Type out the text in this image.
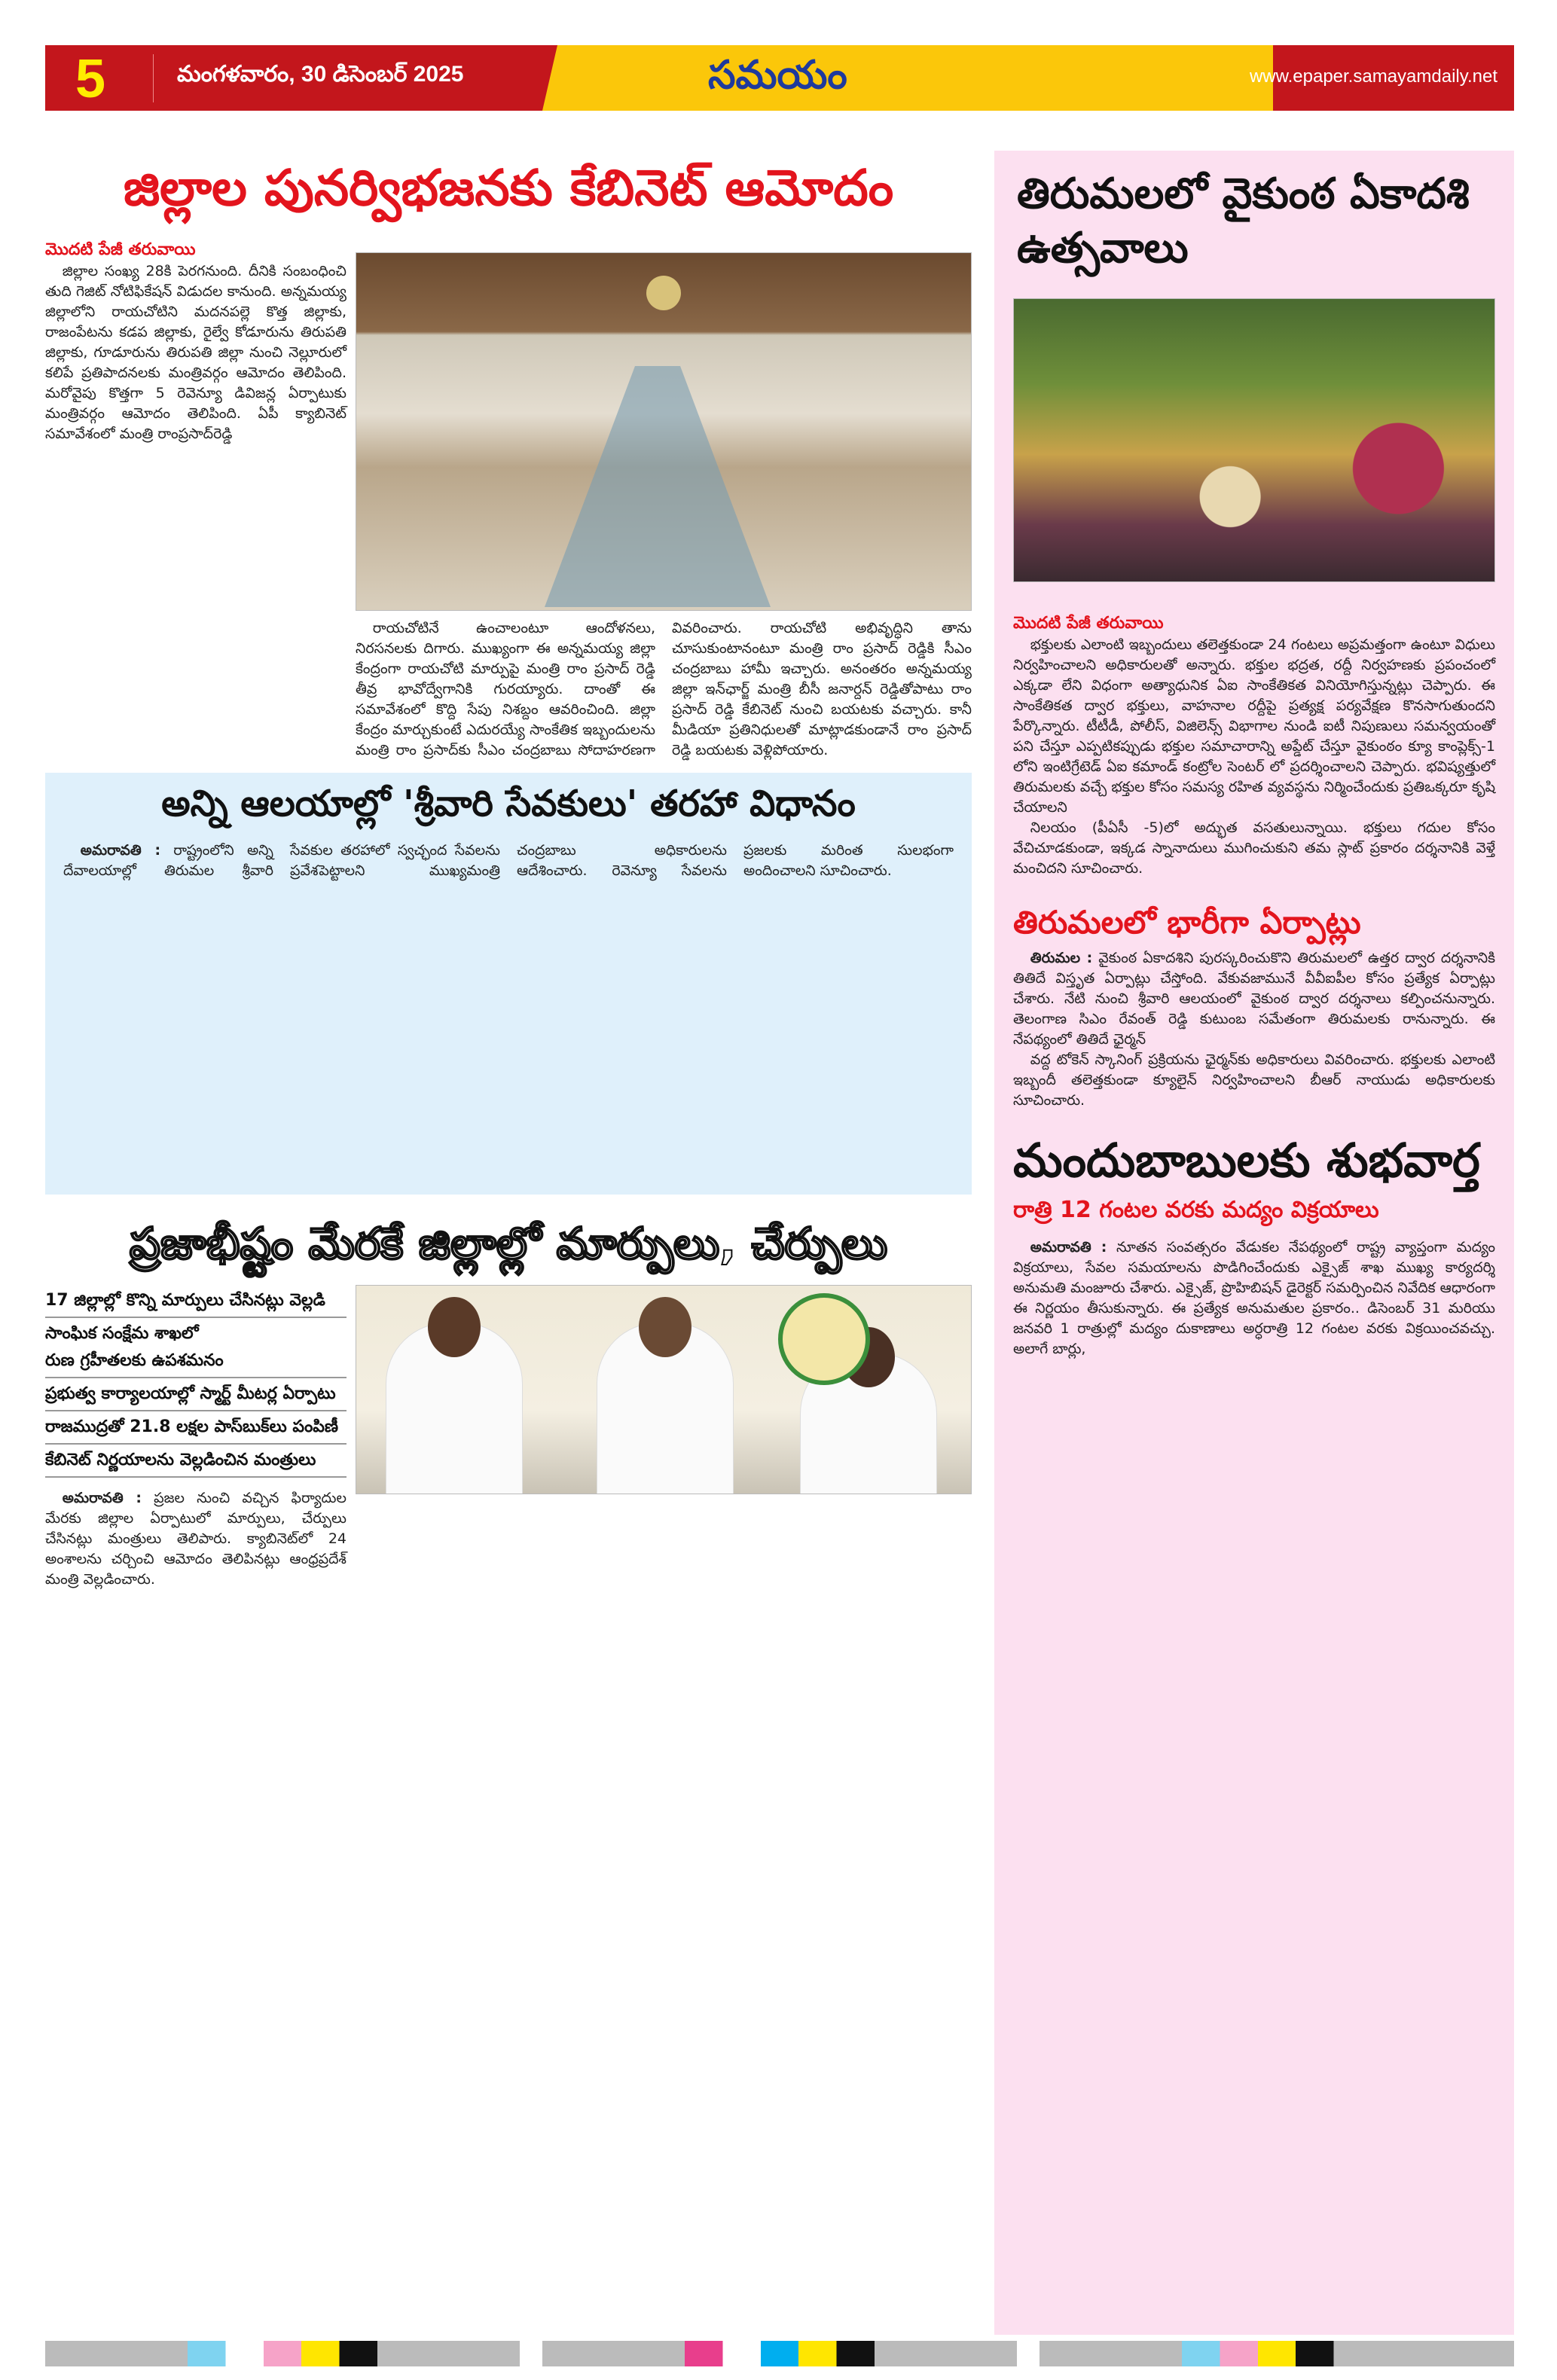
5	మంగళవారం, 30 డిసెంబర్ 2025	సమయం	www.epaper.samayamdaily.net
జిల్లాల పునర్విభజనకు కేబినెట్ ఆమోదం
మొదటి పేజీ తరువాయి

జిల్లాల సంఖ్య 28కి పెరగనుంది. దీనికి సంబంధించి తుది గెజిట్ నోటిఫికేషన్ విడుదల కానుంది. అన్నమయ్య జిల్లాలోని రాయచోటిని మదనపల్లె కొత్త జిల్లాకు, రాజంపేటను కడప జిల్లాకు, రైల్వే కోడూరును తిరుపతి జిల్లాకు, గూడూరును తిరుపతి జిల్లా నుంచి నెల్లూరులో కలిపే ప్రతిపాదనలకు మంత్రివర్గం ఆమోదం తెలిపింది. మరోవైపు కొత్తగా 5 రెవెన్యూ డివిజన్ల ఏర్పాటుకు మంత్రివర్గం ఆమోదం తెలిపింది. ఏపీ క్యాబినెట్ సమావేశంలో మంత్రి రాంప్రసాద్‌రెడ్డి

రాయచోటినే ఉంచాలంటూ ఆందోళనలు, నిరసనలకు దిగారు. ముఖ్యంగా ఈ అన్నమయ్య జిల్లా కేంద్రంగా రాయచోటి మార్పుపై మంత్రి రాం ప్రసాద్ రెడ్డి తీవ్ర భావోద్వేగానికి గురయ్యారు. దాంతో ఈ సమావేశంలో కొద్ది సేపు నిశబ్దం ఆవరించింది. జిల్లా కేంద్రం మార్చుకుంటే ఎదురయ్యే సాంకేతిక ఇబ్బందులను మంత్రి రాం ప్రసాద్‌కు సీఎం చంద్రబాబు సోదాహరణగా వివరించారు. రాయచోటి అభివృద్ధిని తాను చూసుకుంటానంటూ మంత్రి రాం ప్రసాద్ రెడ్డికి సీఎం చంద్రబాబు హామీ ఇచ్చారు. అనంతరం అన్నమయ్య జిల్లా ఇన్‌ఛార్జ్ మంత్రి బీసీ జనార్దన్ రెడ్డితోపాటు రాం ప్రసాద్ రెడ్డి కేబినెట్ నుంచి బయటకు వచ్చారు. కానీ మీడియా ప్రతినిధులతో మాట్లాడకుండానే రాం ప్రసాద్ రెడ్డి బయటకు వెళ్లిపోయారు.

అన్ని ఆలయాల్లో 'శ్రీవారి సేవకులు' తరహా విధానం

అమరావతి : రాష్ట్రంలోని అన్ని దేవాలయాల్లో తిరుమల శ్రీవారి సేవకుల తరహాలో స్వచ్ఛంద సేవలను ప్రవేశపెట్టాలని ముఖ్యమంత్రి చంద్రబాబు అధికారులను ఆదేశించారు. రెవెన్యూ సేవలను ప్రజలకు మరింత సులభంగా అందించాలని సూచించారు.

ప్రజాభీష్టం మేరకే జిల్లాల్లో మార్పులు, చేర్పులు
17 జిల్లాల్లో కొన్ని మార్పులు చేసినట్లు వెల్లడి
సాంఘిక సంక్షేమ శాఖలో
రుణ గ్రహీతలకు ఉపశమనం
ప్రభుత్వ కార్యాలయాల్లో స్మార్ట్ మీటర్ల ఏర్పాటు
రాజముద్రతో 21.8 లక్షల పాస్‌బుక్‌లు పంపిణీ
కేబినెట్ నిర్ణయాలను వెల్లడించిన మంత్రులు

అమరావతి : ప్రజల నుంచి వచ్చిన ఫిర్యాదుల మేరకు జిల్లాల ఏర్పాటులో మార్పులు, చేర్పులు చేసినట్లు మంత్రులు తెలిపారు. క్యాబినెట్‌లో 24 అంశాలను చర్చించి ఆమోదం తెలిపినట్లు ఆంధ్రప్రదేశ్ మంత్రి వెల్లడించారు.

తిరుమలలో వైకుంఠ ఏకాదశి ఉత్సవాలు
మొదటి పేజీ తరువాయి

భక్తులకు ఎలాంటి ఇబ్బందులు తలెత్తకుండా 24 గంటలు అప్రమత్తంగా ఉంటూ విధులు నిర్వహించాలని అధికారులతో అన్నారు. భక్తుల భద్రత, రద్దీ నిర్వహణకు ప్రపంచంలో ఎక్కడా లేని విధంగా అత్యాధునిక ఏఐ సాంకేతికత వినియోగిస్తున్నట్లు చెప్పారు. ఈ సాంకేతికత ద్వార భక్తులు, వాహనాల రద్దీపై ప్రత్యక్ష పర్యవేక్షణ కొనసాగుతుందని పేర్కొన్నారు. టీటీడీ, పోలీస్, విజిలెన్స్ విభాగాల నుండి ఐటీ నిపుణులు సమన్వయంతో పని చేస్తూ ఎప్పటికప్పుడు భక్తుల సమాచారాన్ని అప్డేట్ చేస్తూ వైకుంఠం క్యూ కాంప్లెక్స్-1 లోని ఇంటిగ్రేటెడ్ ఏఐ కమాండ్ కంట్రోల సెంటర్ లో ప్రదర్శించాలని చెప్పారు. భవిష్యత్తులో తిరుమలకు వచ్చే భక్తుల కోసం సమస్య రహిత వ్యవస్థను నిర్మించేందుకు ప్రతిఒక్కరూ కృషి చేయాలని

నిలయం (పీఏసీ -5)లో అద్భుత వసతులున్నాయి. భక్తులు గదుల కోసం వేచిచూడకుండా, ఇక్కడ స్నానాదులు ముగించుకుని తమ స్లాట్ ప్రకారం దర్శనానికి వెళ్తే మంచిదని సూచించారు.

తిరుమలలో భారీగా ఏర్పాట్లు

తిరుమల : వైకుంఠ ఏకాదశిని పురస్కరించుకొని తిరుమలలో ఉత్తర ద్వార దర్శనానికి తితిదే విస్తృత ఏర్పాట్లు చేస్తోంది. వేకువజామునే వీవీఐపీల కోసం ప్రత్యేక ఏర్పాట్లు చేశారు. నేటి నుంచి శ్రీవారి ఆలయంలో వైకుంఠ ద్వార దర్శనాలు కల్పించనున్నారు. తెలంగాణ సిఎం రేవంత్ రెడ్డి కుటుంబ సమేతంగా తిరుమలకు రానున్నారు. ఈ నేపథ్యంలో తితిదే ఛైర్మన్

వద్ద టోకెన్ స్కానింగ్ ప్రక్రియను ఛైర్మన్‌కు అధికారులు వివరించారు. భక్తులకు ఎలాంటి ఇబ్బందీ తలెత్తకుండా క్యూలైన్ నిర్వహించాలని బీఆర్ నాయుడు అధికారులకు సూచించారు.

మందుబాబులకు శుభవార్త
రాత్రి 12 గంటల వరకు మద్యం విక్రయాలు

అమరావతి : నూతన సంవత్సరం వేడుకల నేపథ్యంలో రాష్ట్ర వ్యాప్తంగా మద్యం విక్రయాలు, సేవల సమయాలను పొడిగించేందుకు ఎక్సైజ్ శాఖ ముఖ్య కార్యదర్శి అనుమతి మంజూరు చేశారు. ఎక్సైజ్, ప్రొహిబిషన్ డైరెక్టర్ సమర్పించిన నివేదిక ఆధారంగా ఈ నిర్ణయం తీసుకున్నారు. ఈ ప్రత్యేక అనుమతుల ప్రకారం.. డిసెంబర్ 31 మరియు జనవరి 1 రాత్రుల్లో మద్యం దుకాణాలు అర్ధరాత్రి 12 గంటల వరకు విక్రయించవచ్చు. అలాగే బార్లు,
